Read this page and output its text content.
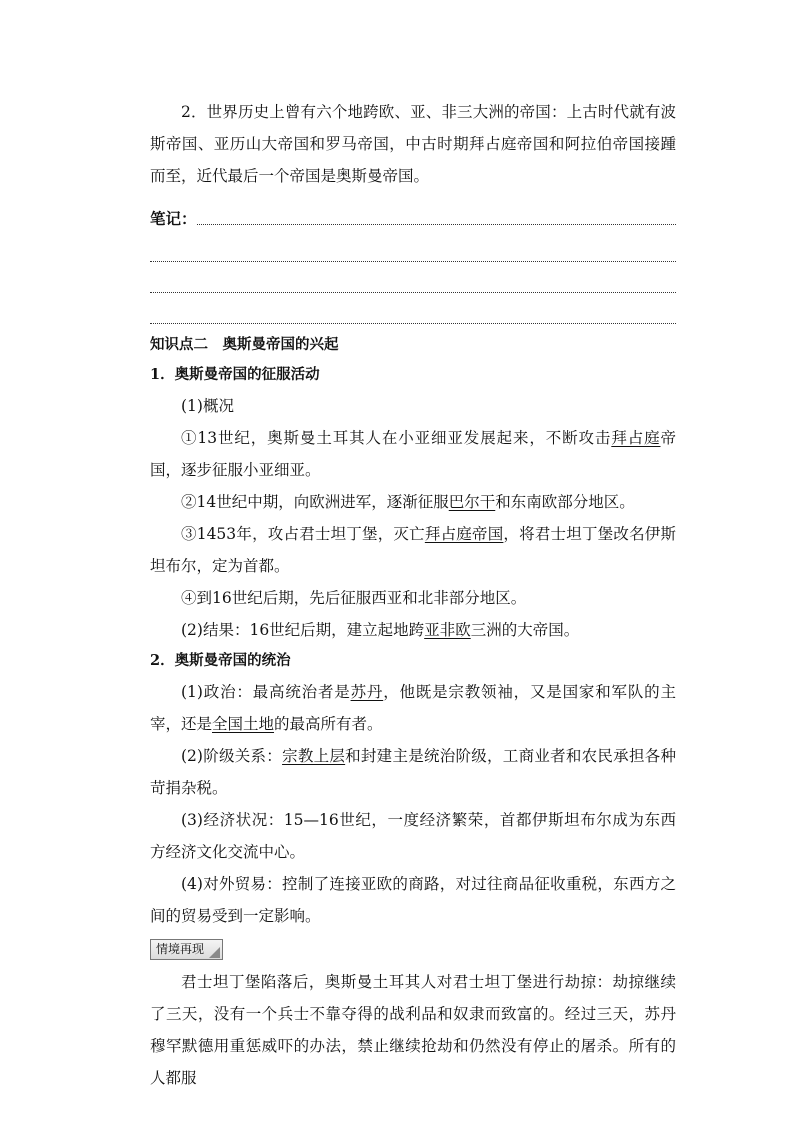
2．世界历史上曾有六个地跨欧、亚、非三大洲的帝国：上古时代就有波斯帝国、亚历山大帝国和罗马帝国，中古时期拜占庭帝国和阿拉伯帝国接踵而至，近代最后一个帝国是奥斯曼帝国。

笔记：

知识点二　奥斯曼帝国的兴起

1．奥斯曼帝国的征服活动

(1)概况

①13世纪，奥斯曼土耳其人在小亚细亚发展起来，不断攻击拜占庭帝国，逐步征服小亚细亚。

②14世纪中期，向欧洲进军，逐渐征服巴尔干和东南欧部分地区。

③1453年，攻占君士坦丁堡，灭亡拜占庭帝国，将君士坦丁堡改名伊斯坦布尔，定为首都。

④到16世纪后期，先后征服西亚和北非部分地区。

(2)结果：16世纪后期，建立起地跨亚非欧三洲的大帝国。

2．奥斯曼帝国的统治

(1)政治：最高统治者是苏丹，他既是宗教领袖，又是国家和军队的主宰，还是全国土地的最高所有者。

(2)阶级关系：宗教上层和封建主是统治阶级，工商业者和农民承担各种苛捐杂税。

(3)经济状况：15—16世纪，一度经济繁荣，首都伊斯坦布尔成为东西方经济文化交流中心。

(4)对外贸易：控制了连接亚欧的商路，对过往商品征收重税，东西方之间的贸易受到一定影响。

情境再现

君士坦丁堡陷落后，奥斯曼土耳其人对君士坦丁堡进行劫掠：劫掠继续了三天，没有一个兵士不靠夺得的战利品和奴隶而致富的。经过三天，苏丹穆罕默德用重惩威吓的办法，禁止继续抢劫和仍然没有停止的屠杀。所有的人都服
